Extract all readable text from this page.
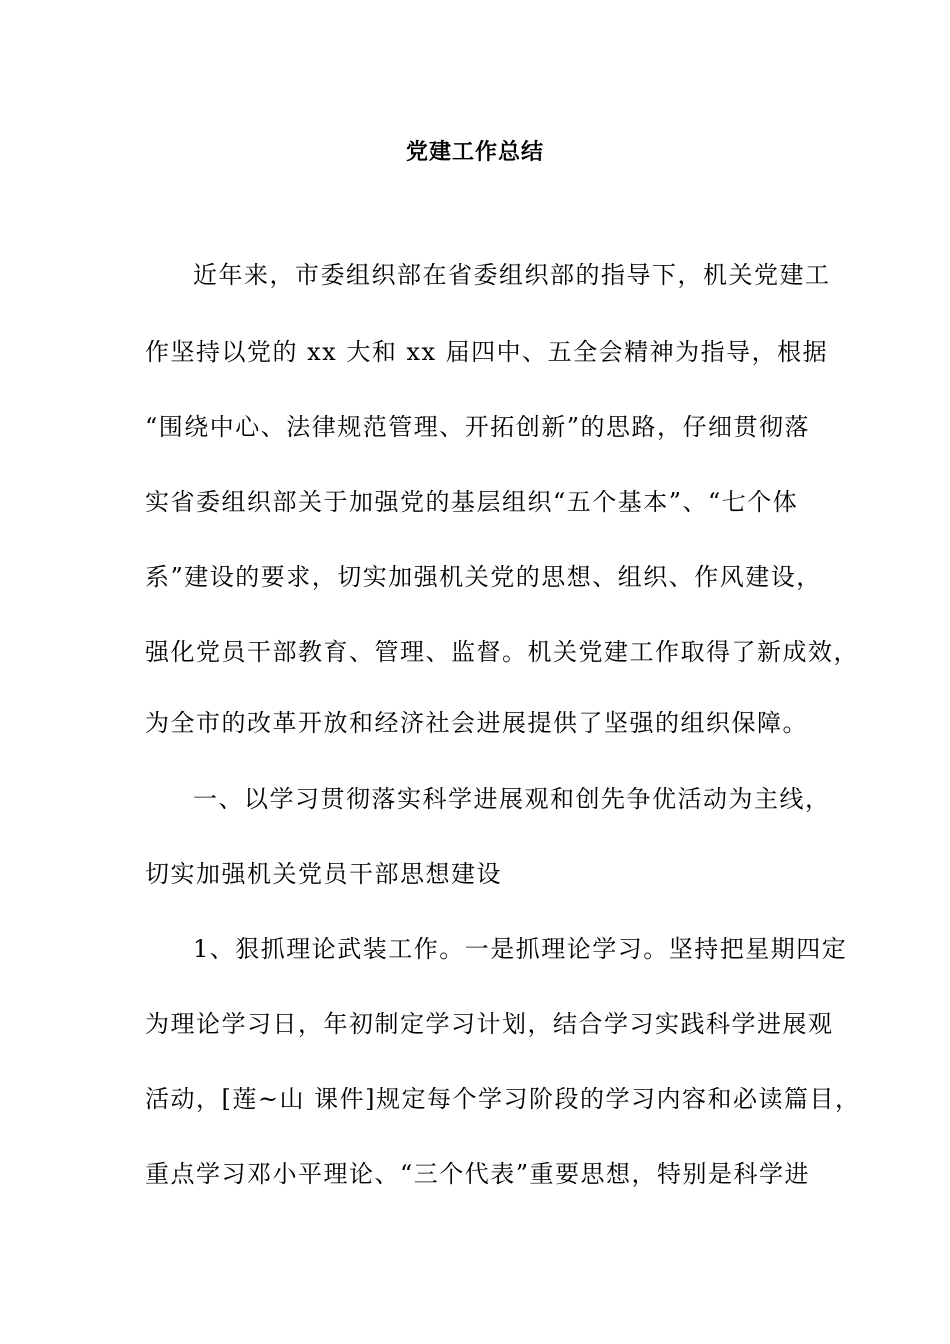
党建工作总结
近年来，市委组织部在省委组织部的指导下，机关党建工
作坚持以党的 xx 大和 xx 届四中、五全会精神为指导，根据
“围绕中心、法律规范管理、开拓创新”的思路，仔细贯彻落
实省委组织部关于加强党的基层组织“五个基本”、“七个体
系”建设的要求，切实加强机关党的思想、组织、作风建设，
强化党员干部教育、管理、监督。机关党建工作取得了新成效，
为全市的改革开放和经济社会进展提供了坚强的组织保障。
一、以学习贯彻落实科学进展观和创先争优活动为主线，
切实加强机关党员干部思想建设
1、狠抓理论武装工作。一是抓理论学习。坚持把星期四定
为理论学习日，年初制定学习计划，结合学习实践科学进展观
活动，[莲~山 课件]规定每个学习阶段的学习内容和必读篇目，
重点学习邓小平理论、“三个代表”重要思想，特别是科学进
